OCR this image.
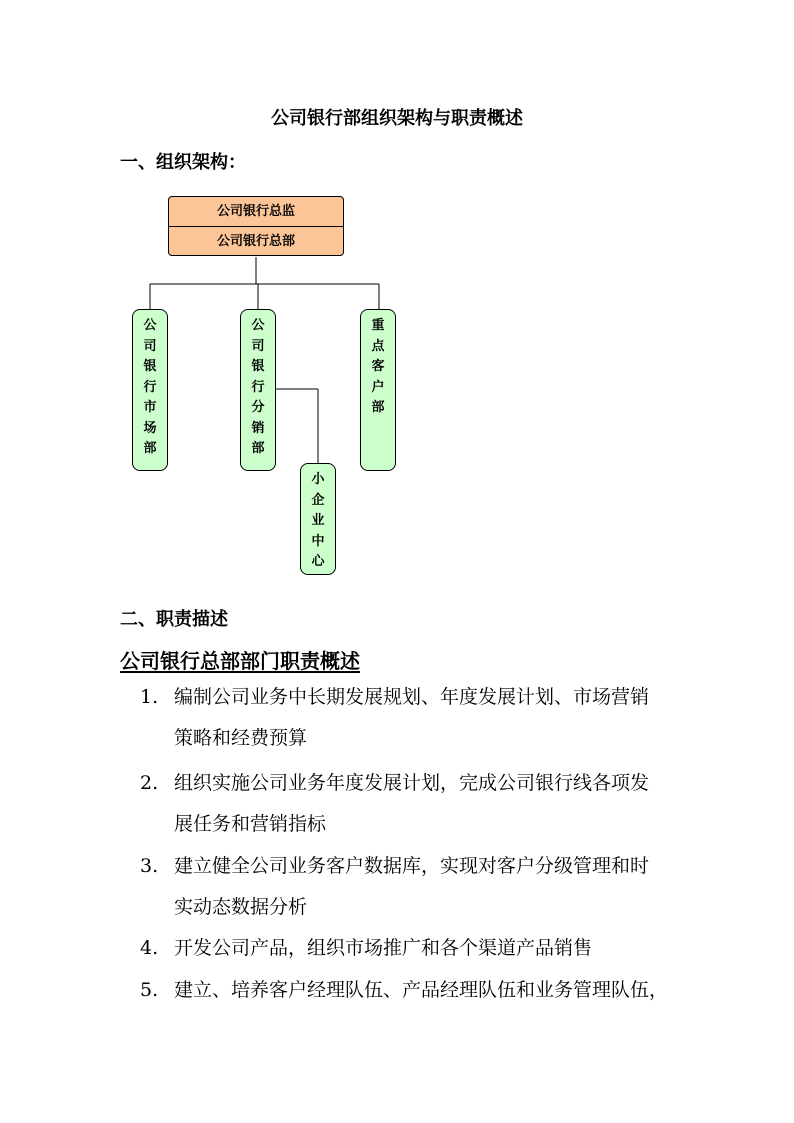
公司银行部组织架构与职责概述
一、组织架构：
公司银行总监
公司银行总部
公
司
银
行
市
场
部
公
司
银
行
分
销
部
重
点
客
户
部
小
企
业
中
心
二、职责描述
公司银行总部部门职责概述
1. 编制公司业务中长期发展规划、年度发展计划、市场营销
策略和经费预算
2. 组织实施公司业务年度发展计划，完成公司银行线各项发
展任务和营销指标
3. 建立健全公司业务客户数据库，实现对客户分级管理和时
实动态数据分析
4. 开发公司产品，组织市场推广和各个渠道产品销售
5. 建立、培养客户经理队伍、产品经理队伍和业务管理队伍，
